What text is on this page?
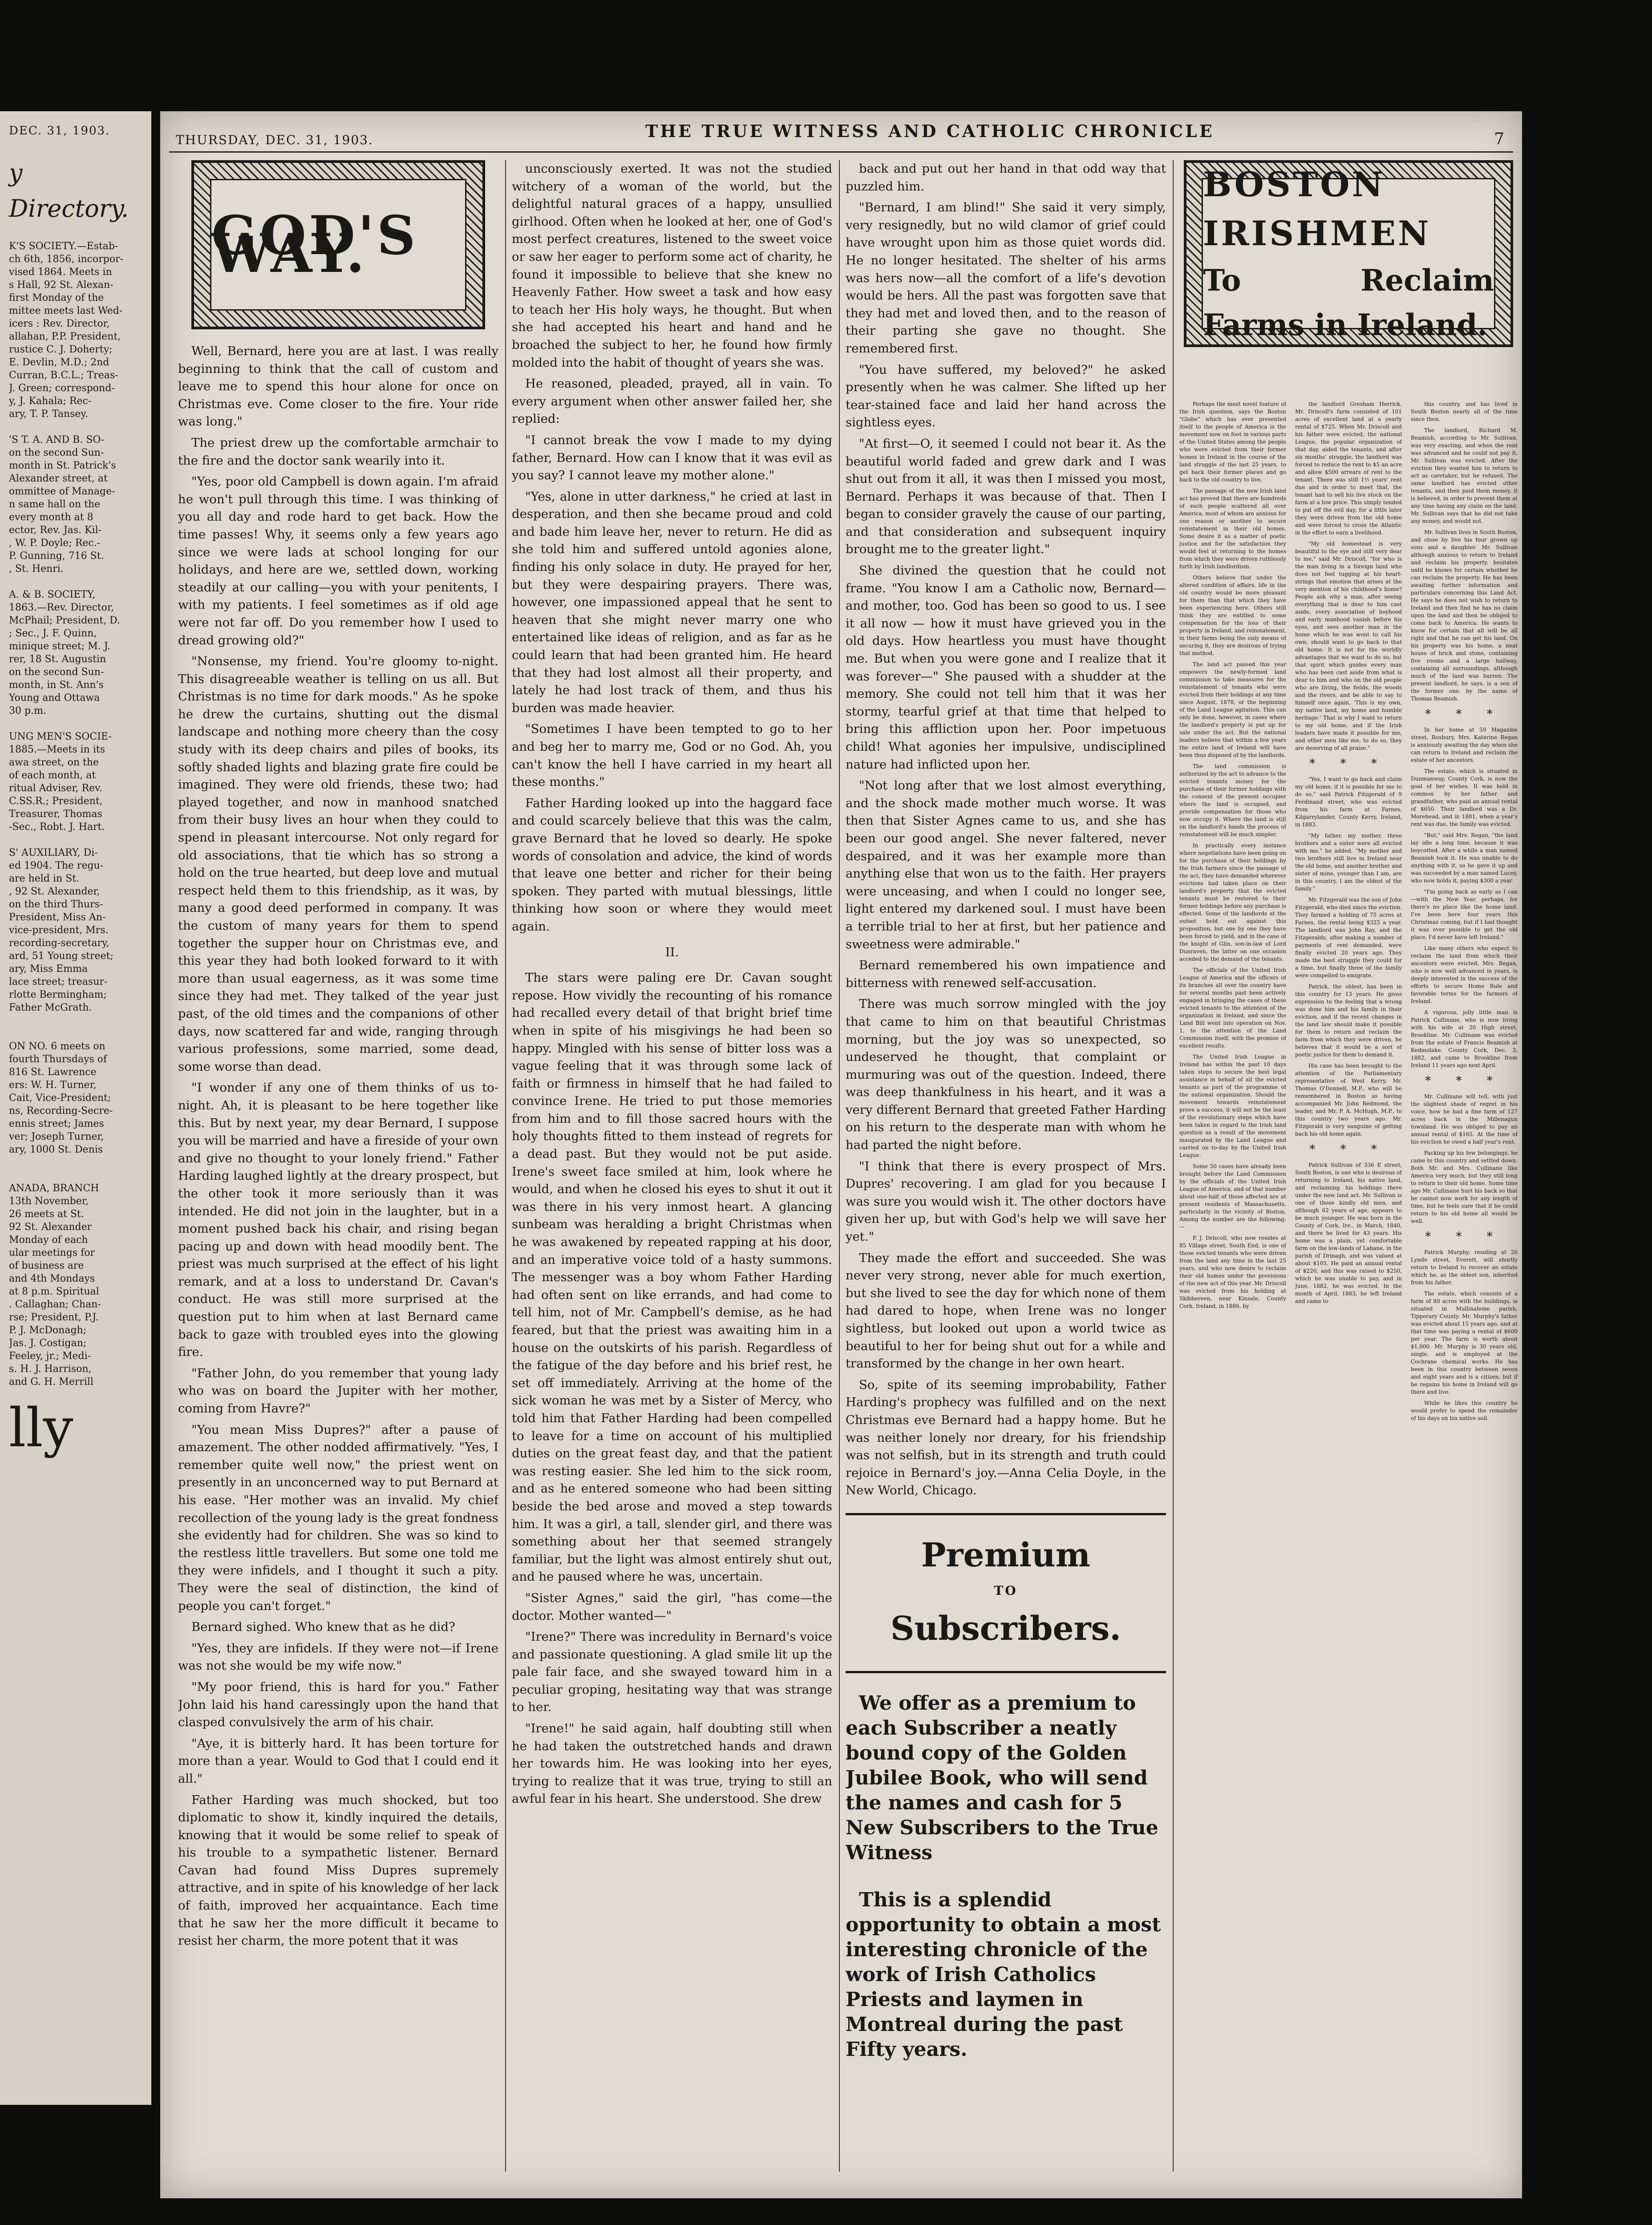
DEC. 31, 1903.
y Directory.
K'S SOCIETY.—Estab-
ch 6th, 1856, incorpor-
vised 1864. Meets in
s Hall, 92 St. Alexan-
first Monday of the
mittee meets last Wed-
icers : Rev. Director,
allahan, P.P. President,
rustice C. J. Doherty;
E. Devlin, M.D.; 2nd
Curran, B.C.L.; Treas-
J. Green; correspond-
y, J. Kahala; Rec-
ary, T. P. Tansey.

'S T. A. AND B. SO-
on the second Sun-
month in St. Patrick's
Alexander street, at
ommittee of Manage-
n same hall on the
every month at 8
ector, Rev. Jas. Kil-
, W. P. Doyle; Rec.-
P. Gunning, 716 St.
, St. Henri.

A. & B. SOCIETY,
1863.—Rev. Director,
McPhail; President, D.
; Sec., J. F. Quinn,
minique street; M. J.
rer, 18 St. Augustin
on the second Sun-
month, in St. Ann's
Young and Ottawa
30 p.m.

UNG MEN'S SOCIE-
1885.—Meets in its
awa street, on the
of each month, at
ritual Adviser, Rev.
C.SS.R.; President,
Treasurer, Thomas
-Sec., Robt. J. Hart.

S' AUXILIARY, Di-
ed 1904. The regu-
are held in St.
, 92 St. Alexander,
on the third Thurs-
President, Miss An-
vice-president, Mrs.
recording-secretary,
ard, 51 Young street;
ary, Miss Emma
lace street; treasur-
rlotte Bermingham;
Father McGrath.

ON NO. 6 meets on
fourth Thursdays of
816 St. Lawrence
ers: W. H. Turner,
Cait, Vice-President;
ns, Recording-Secre-
ennis street; James
ver; Joseph Turner,
ary, 1000 St. Denis

ANADA, BRANCH
13th November,
26 meets at St.
92 St. Alexander
Monday of each
ular meetings for
of business are
and 4th Mondays
at 8 p.m. Spiritual
. Callaghan; Chan-
rse; President, P.J.
P. J. McDonagh;
Jas. J. Costigan;
Feeley, jr.; Medi-
s. H. J. Harrison,
and G. H. Merrill
lly
THURSDAY, DEC. 31, 1903.	THE TRUE WITNESS AND CATHOLIC CHRONICLE	7
GOD'S WAY.

Well, Bernard, here you are at last. I was really beginning to think that the call of custom and leave me to spend this hour alone for once on Christmas eve. Come closer to the fire. Your ride was long."

The priest drew up the comfortable armchair to the fire and the doctor sank wearily into it.

"Yes, poor old Campbell is down again. I'm afraid he won't pull through this time. I was thinking of you all day and rode hard to get back. How the time passes! Why, it seems only a few years ago since we were lads at school longing for our holidays, and here are we, settled down, working steadily at our calling—you with your penitents, I with my patients. I feel sometimes as if old age were not far off. Do you remember how I used to dread growing old?"

"Nonsense, my friend. You're gloomy to-night. This disagreeable weather is telling on us all. But Christmas is no time for dark moods." As he spoke he drew the curtains, shutting out the dismal landscape and nothing more cheery than the cosy study with its deep chairs and piles of books, its softly shaded lights and blazing grate fire could be imagined. They were old friends, these two; had played together, and now in manhood snatched from their busy lives an hour when they could to spend in pleasant intercourse. Not only regard for old associations, that tie which has so strong a hold on the true hearted, but deep love and mutual respect held them to this friendship, as it was, by many a good deed performed in company. It was the custom of many years for them to spend together the supper hour on Christmas eve, and this year they had both looked forward to it with more than usual eagerness, as it was some time since they had met. They talked of the year just past, of the old times and the companions of other days, now scattered far and wide, ranging through various professions, some married, some dead, some worse than dead.

"I wonder if any one of them thinks of us to-night. Ah, it is pleasant to be here together like this. But by next year, my dear Bernard, I suppose you will be married and have a fireside of your own and give no thought to your lonely friend." Father Harding laughed lightly at the dreary prospect, but the other took it more seriously than it was intended. He did not join in the laughter, but in a moment pushed back his chair, and rising began pacing up and down with head moodily bent. The priest was much surprised at the effect of his light remark, and at a loss to understand Dr. Cavan's conduct. He was still more surprised at the question put to him when at last Bernard came back to gaze with troubled eyes into the glowing fire.

"Father John, do you remember that young lady who was on board the Jupiter with her mother, coming from Havre?"

"You mean Miss Dupres?" after a pause of amazement. The other nodded affirmatively. "Yes, I remember quite well now," the priest went on presently in an unconcerned way to put Bernard at his ease. "Her mother was an invalid. My chief recollection of the young lady is the great fondness she evidently had for children. She was so kind to the restless little travellers. But some one told me they were infidels, and I thought it such a pity. They were the seal of distinction, the kind of people you can't forget."

Bernard sighed. Who knew that as he did?

"Yes, they are infidels. If they were not—if Irene was not she would be my wife now."

"My poor friend, this is hard for you." Father John laid his hand caressingly upon the hand that clasped convulsively the arm of his chair.

"Aye, it is bitterly hard. It has been torture for more than a year. Would to God that I could end it all."

Father Harding was much shocked, but too diplomatic to show it, kindly inquired the details, knowing that it would be some relief to speak of his trouble to a sympathetic listener. Bernard Cavan had found Miss Dupres supremely attractive, and in spite of his knowledge of her lack of faith, improved her acquaintance. Each time that he saw her the more difficult it became to resist her charm, the more potent that it was

unconsciously exerted. It was not the studied witchery of a woman of the world, but the delightful natural graces of a happy, unsullied girlhood. Often when he looked at her, one of God's most perfect creatures, listened to the sweet voice or saw her eager to perform some act of charity, he found it impossible to believe that she knew no Heavenly Father. How sweet a task and how easy to teach her His holy ways, he thought. But when she had accepted his heart and hand and he broached the subject to her, he found how firmly molded into the habit of thought of years she was.

He reasoned, pleaded, prayed, all in vain. To every argument when other answer failed her, she replied:

"I cannot break the vow I made to my dying father, Bernard. How can I know that it was evil as you say? I cannot leave my mother alone."

"Yes, alone in utter darkness," he cried at last in desperation, and then she became proud and cold and bade him leave her, never to return. He did as she told him and suffered untold agonies alone, finding his only solace in duty. He prayed for her, but they were despairing prayers. There was, however, one impassioned appeal that he sent to heaven that she might never marry one who entertained like ideas of religion, and as far as he could learn that had been granted him. He heard that they had lost almost all their property, and lately he had lost track of them, and thus his burden was made heavier.

"Sometimes I have been tempted to go to her and beg her to marry me, God or no God. Ah, you can't know the hell I have carried in my heart all these months."

Father Harding looked up into the haggard face and could scarcely believe that this was the calm, grave Bernard that he loved so dearly. He spoke words of consolation and advice, the kind of words that leave one better and richer for their being spoken. They parted with mutual blessings, little thinking how soon or where they would meet again.

II.

The stars were paling ere Dr. Cavan sought repose. How vividly the recounting of his romance had recalled every detail of that bright brief time when in spite of his misgivings he had been so happy. Mingled with his sense of bitter loss was a vague feeling that it was through some lack of faith or firmness in himself that he had failed to convince Irene. He tried to put those memories from him and to fill those sacred hours with the holy thoughts fitted to them instead of regrets for a dead past. But they would not be put aside. Irene's sweet face smiled at him, look where he would, and when he closed his eyes to shut it out it was there in his very inmost heart. A glancing sunbeam was heralding a bright Christmas when he was awakened by repeated rapping at his door, and an imperative voice told of a hasty summons. The messenger was a boy whom Father Harding had often sent on like errands, and had come to tell him, not of Mr. Campbell's demise, as he had feared, but that the priest was awaiting him in a house on the outskirts of his parish. Regardless of the fatigue of the day before and his brief rest, he set off immediately. Arriving at the home of the sick woman he was met by a Sister of Mercy, who told him that Father Harding had been compelled to leave for a time on account of his multiplied duties on the great feast day, and that the patient was resting easier. She led him to the sick room, and as he entered someone who had been sitting beside the bed arose and moved a step towards him. It was a girl, a tall, slender girl, and there was something about her that seemed strangely familiar, but the light was almost entirely shut out, and he paused where he was, uncertain.

"Sister Agnes," said the girl, "has come—the doctor. Mother wanted—"

"Irene?" There was incredulity in Bernard's voice and passionate questioning. A glad smile lit up the pale fair face, and she swayed toward him in a peculiar groping, hesitating way that was strange to her.

"Irene!" he said again, half doubting still when he had taken the outstretched hands and drawn her towards him. He was looking into her eyes, trying to realize that it was true, trying to still an awful fear in his heart. She understood. She drew

back and put out her hand in that odd way that puzzled him.

"Bernard, I am blind!" She said it very simply, very resignedly, but no wild clamor of grief could have wrought upon him as those quiet words did. He no longer hesitated. The shelter of his arms was hers now—all the comfort of a life's devotion would be hers. All the past was forgotten save that they had met and loved then, and to the reason of their parting she gave no thought. She remembered first.

"You have suffered, my beloved?" he asked presently when he was calmer. She lifted up her tear-stained face and laid her hand across the sightless eyes.

"At first—O, it seemed I could not bear it. As the beautiful world faded and grew dark and I was shut out from it all, it was then I missed you most, Bernard. Perhaps it was because of that. Then I began to consider gravely the cause of our parting, and that consideration and subsequent inquiry brought me to the greater light."

She divined the question that he could not frame. "You know I am a Catholic now, Bernard—and mother, too. God has been so good to us. I see it all now — how it must have grieved you in the old days. How heartless you must have thought me. But when you were gone and I realize that it was forever—" She paused with a shudder at the memory. She could not tell him that it was her stormy, tearful grief at that time that helped to bring this affliction upon her. Poor impetuous child! What agonies her impulsive, undisciplined nature had inflicted upon her.

"Not long after that we lost almost everything, and the shock made mother much worse. It was then that Sister Agnes came to us, and she has been our good angel. She never faltered, never despaired, and it was her example more than anything else that won us to the faith. Her prayers were unceasing, and when I could no longer see, light entered my darkened soul. I must have been a terrible trial to her at first, but her patience and sweetness were admirable."

Bernard remembered his own impatience and bitterness with renewed self-accusation.

There was much sorrow mingled with the joy that came to him on that beautiful Christmas morning, but the joy was so unexpected, so undeserved he thought, that complaint or murmuring was out of the question. Indeed, there was deep thankfulness in his heart, and it was a very different Bernard that greeted Father Harding on his return to the desperate man with whom he had parted the night before.

"I think that there is every prospect of Mrs. Dupres' recovering. I am glad for you because I was sure you would wish it. The other doctors have given her up, but with God's help we will save her yet."

They made the effort and succeeded. She was never very strong, never able for much exertion, but she lived to see the day for which none of them had dared to hope, when Irene was no longer sightless, but looked out upon a world twice as beautiful to her for being shut out for a while and transformed by the change in her own heart.

So, spite of its seeming improbability, Father Harding's prophecy was fulfilled and on the next Christmas eve Bernard had a happy home. But he was neither lonely nor dreary, for his friendship was not selfish, but in its strength and truth could rejoice in Bernard's joy.—Anna Celia Doyle, in the New World, Chicago.

Premium
TO
Subscribers.

We offer as a premium to each Subscriber a neatly bound copy of the Golden Jubilee Book, who will send the names and cash for 5 New Subscribers to the True Witness

This is a splendid opportunity to obtain a most interesting chronicle of the work of Irish Catholics Priests and laymen in Montreal during the past Fifty years.

BOSTON IRISHMEN
To Reclaim Farms in Ireland.

Perhaps the most novel feature of the Irish question, says the Boston "Globe" which has ever presented itself to the people of America is the movement now on foot in various parts of the United States among the people who were evicted from their former homes in Ireland in the course of the land struggle of the last 25 years, to get back their former places and go back to the old country to live.

The passage of the new Irish land act has proved that there are hundreds of such people scattered all over America, most of whom are anxious for one reason or another to secure reinstatement in their old homes. Some desire it as a matter of poetic justice and for the satisfaction they would feel at returning to the homes from which they were driven ruthlessly forth by Irish landlordism.

Others believe that under the altered condition of affairs, life in the old country would be more pleasant for them than that which they have been experiencing here. Others still think they are entitled to some compensation for the loss of their property in Ireland, and reinstatement, in their farms being the only means of securing it, they are desirous of trying that method.

The land act passed this year empowers the newly-formed land commission to take measures for the reinstatement of tenants who were evicted from their holdings at any time since August, 1878, or the beginning of the Land League agitation. This can only be done, however, in cases where the landlord's property is put up for sale under the act. But the national leaders believe that within a few years the entire land of Ireland will have been thus disposed of by the landlords.

The land commission is authorized by the act to advance to the evicted tenants money for the purchase of their former holdings with the consent of the present occupier where the land is occupied, and provide compensation for those who now occupy it. Where the land is still on the landlord's hands the process of reinstatement will be much simpler.

In practically every instance where negotiations have been going on for the purchase of their holdings by the Irish farmers since the passage of the act, they have demanded wherever evictions had taken place on their landlord's property that the evicted tenants must be restored to their former holdings before any purchase is effected. Some of the landlords at the outset held out against this proposition, but one by one they have been forced to yield, and in the case of the knight of Glin, son-in-law of Lord Dunraven, the latter on one occasion acceded to the demand of the tenants.

The officials of the United Irish League of America and the officers of its branches all over the country have for several months past been actively engaged in bringing the cases of these evicted tenants to the attention of the organization in Ireland, and since the Land Bill went into operation on Nov. 1, to the attention of the Land Commission itself, with the promise of excellent results.

The United Irish League in Ireland has within the past 10 days taken steps to secure the best legal assistance in behalf of all the evicted tenants as part of the programme of the national organization. Should the movement towards reinstatement prove a success, it will not be the least of the revolutionary steps which have been taken in regard to the Irish land question as a result of the movement inaugurated by the Land League and carried on to-day by the United Irish League.

Some 50 cases have already been brought before the Land Commission by the officials of the United Irish League of America, and of that number about one-half of those affected are at present residents of Massachusetts, particularly in the vicinity of Boston. Among the number are the following:—

P. J. Driscoll, who now resides at 85 Village street, South End, is one of those evicted tenants who were driven from the land any time in the last 25 years, and who now desire to reclaim their old homes under the provisions of the new act of this year. Mr. Driscoll was evicted from his holding at Skibbereen, near Kinsale, County Cork, Ireland, in 1886, by

the landlord Gresham Herrick. Mr. Driscoll's farm consisted of 101 acres of excellent land at a yearly rental of $725. When Mr. Driscoll and his father were evicted, the national League, the popular organization of that day, aided the tenants, and after six months' struggle, the landlord was forced to reduce the rent to $5 an acre and allow $500 arrears of rent to the tenant. There was still 1½ years' rent due and in order to meet that, the tenant had to sell his live stock on the farm at a low price. This simply tended to put off the evil day, for a little later they were driven from the old home and were forced to cross the Atlantic in the effort to earn a livelihood.

"My old homestead is very beautiful to the eye and still very dear to me," said Mr. Driscoll, "for who is the man living in a foreign land who does not feel tugging at his heart-strings that emotion that arises at the very mention of his childhood's home? People ask why a man, after seeing everything that is dear to him cast aside, every association of boyhood and early manhood vanish before his eyes, and sees another man in the home which he was wont to call his own, should want to go back to that old home. It is not for the worldly advantages that we want to do so, but that spirit which guides every man who has been cast aside from what is dear to him and who on the old people who are living, the fields, the woods and the rivers, and be able to say to himself once again, 'This is my own, my native land, my home and humble heritage.' That is why I want to return to my old home, and if the Irish leaders have made it possible for me, and other men like me, to do so, they are deserving of all praise."

* * *

"Yes, I want to go back and claim my old home, if it is possible for me to do so," said Patrick Fitzgerald of 9 Ferdinand street, who was evicted from his farm at Farnes, Kilgarrylander, County Kerry, Ireland, in 1883.

"My father, my mother, three brothers and a sister were all evicted with me," he added. "My mother and two brothers still live in Ireland near the old home, and another brother and sister of mine, younger than I am, are in this country. I am the oldest of the family."

Mr. Fitzgerald was the son of John Fitzgerald, who died since the eviction. They farmed a holding of 75 acres at Farnes, the rental being $325 a year. The landlord was John Ray, and the Fitzgeralds, after making a number of payments of rent demanded, were finally evicted 20 years ago. They made the best struggle they could for a time, but finally three of the family were compelled to emigrate.

Patrick, the oldest, has been in this country for 13 years. He gives expression to the feeling that a wrong was done him and his family in their eviction, and if the recent changes in the land law should make it possible for them to return and reclaim the farm from which they were driven, he believes that it would be a sort of poetic justice for them to demand it.

His case has been brought to the attention of the Parliamentary representative of West Kerry, Mr. Thomas O'Donnell, M.P., who will be remembered in Boston as having accompanied Mr. John Redmond, the leader, and Mr. P. A. McHugh, M.P., to this country two years ago. Mr. Fitzgerald is very sanguine of getting back his old home again.

* * *

Patrick Sullivan of 336 E street, South Boston, is one who is desirous of returning to Ireland, his native land, and reclaiming his holdings there under the new land act. Mr. Sullivan is one of those kindly old men, and although 62 years of age, appears to be much younger. He was born in the County of Cork, Ire., in March, 1840, and there he lived for 43 years. His home was a plain, yet comfortable farm on the low-lands of Lahane, in the parish of Drinagh, and was valued at about $105. He paid an annual rental of $220, and this was raised to $250, which he was unable to pay, and in June, 1882, he was evicted. In the month of April, 1883, he left Ireland and came to

this country, and has lived in South Boston nearly all of the time since then.

The landlord, Richard M. Beamish, according to Mr. Sullivan, was very exacting, and when the rent was advanced and he could not pay it, Mr. Sullivan was evicted. After the eviction they wanted him to return to act as caretaker, but he refused. The same landlord has evicted other tenants, and then paid them money, it is believed, in order to prevent them at any time having any claim on the land. Mr. Sullivan says that he did not take any money, and would not.

Mr. Sullivan lives in South Boston, and close by live his four grown up sons and a daughter. Mr. Sullivan although anxious to return to Ireland and reclaim his property, hesitates until he knows for certain whether he can reclaim the property. He has been awaiting further information and particulars concerning this Land Act. He says he does not wish to return to Ireland and then find he has no claim upon the land and then be obliged to come back to America. He wants to know for certain that all will be all right and that he can get his land. On his property was his home, a neat house of brick and stone, containing five rooms and a large hallway, containing all surroundings, although much of the land was barren. The present landlord, he says, is a son of the former one, by the name of Thomas Beamish.

* * *

In her home at 59 Magazine street, Roxbury, Mrs. Katerine Regan is anxiously awaiting the day when she can return to Ireland and reclaim the estate of her ancestors.

The estate, which is situated in Dunmanway, County Cork, is now the goal of her wishes. It was held in common by her father and grandfather, who paid an annual rental of $650. Their landlord was a Dr. Morehead, and in 1881, when a year's rent was due, the family was evicted.

"But," said Mrs. Regan, "the land lay idle a long time, because it was boycotted. After a while a man named Beamish took it. He was unable to do anything with it, so he gave it up and was succeeded by a man named Lucey, who now holds it, paying $300 a year.

"I'm going back as early as I can —with the New Year, perhaps, for there's no place like the home land. I've been here four years this Christmas coming, but if I had thought it was ever possible to get the old place, I'd never have left Ireland."

Like many others who expect to reclaim the land from which their ancestors were evicted, Mrs. Regan, who is now well advanced in years, is deeply interested in the success of the efforts to secure Home Rule and favorable terms for the farmers of Ireland.

A vigorous, jolly little man is Patrick Cullinane, who is now living with his wife at 20 High street, Brookline. Mr. Cullinane was evicted from the estate of Francis Beamish at Kedmolake, County Cork, Dec. 3, 1882, and came to Brookline from Ireland 11 years ago next April.

* * *

Mr. Cullinane will tell, with just the slightest shade of regret in his voice, how he had a fine farm of 127 acres back in the Millenagun townland. He was obliged to pay an annual rental of $165. At the time of his eviction he owed a half year's rent.

Packing up his few belongings, he came to this country and settled down. Both Mr. and Mrs. Cullinane like America very much, but they still long to return to their old home. Some time ago Mr. Cullinane hurt his back so that he cannot now work for any length of time, but he feels sure that if he could return to his old home all would be well.

* * *

Patrick Murphy, residing at 26 Lynde street, Everett, will shortly return to Ireland to recover an estate which he, as the oldest son, inherited from his father.

The estate, which consists of a farm of 80 acres with the buildings, is situated in Mullinahone parish, Tipperary County. Mr. Murphy's father was evicted about 15 years ago, and at that time was paying a rental of $600 per year. The farm is worth about $1,000. Mr. Murphy is 30 years old, single, and is employed at the Cochrane chemical works. He has been in this country between seven and eight years and is a citizen, but if he regains his home in Ireland will go there and live.

While he likes this country he would prefer to spend the remainder of his days on his native soil.
